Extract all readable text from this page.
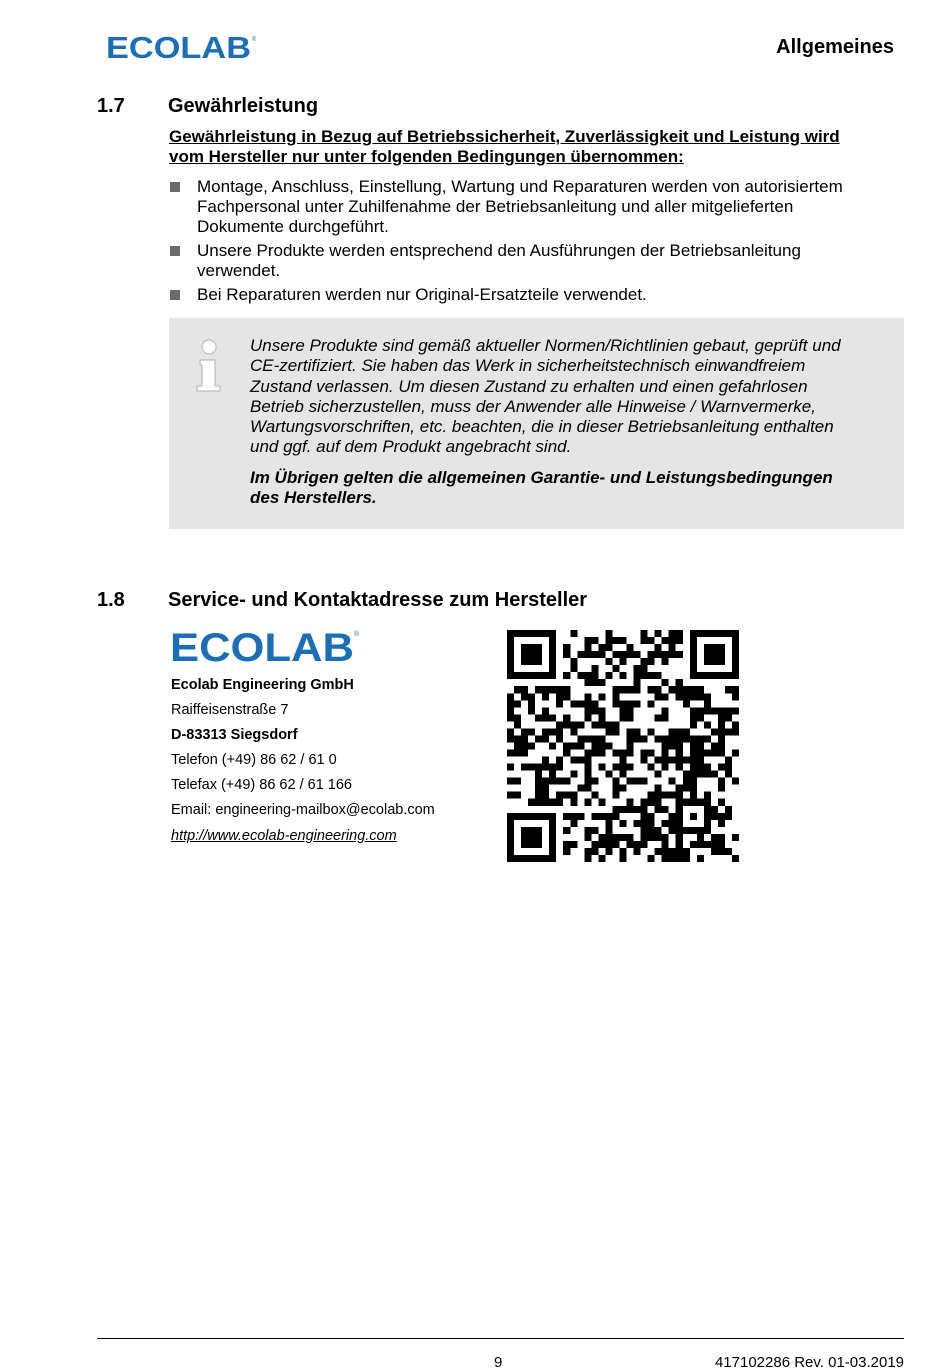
ECOLAB ®	Allgemeines
1.7 Gewährleistung
Gewährleistung in Bezug auf Betriebssicherheit, Zuverlässigkeit und Leistung wird
vom Hersteller nur unter folgenden Bedingungen übernommen:
Montage, Anschluss, Einstellung, Wartung und Reparaturen werden von autorisiertem
Fachpersonal unter Zuhilfenahme der Betriebsanleitung und aller mitgelieferten
Dokumente durchgeführt.
Unsere Produkte werden entsprechend den Ausführungen der Betriebsanleitung
verwendet.
Bei Reparaturen werden nur Original-Ersatzteile verwendet.
Unsere Produkte sind gemäß aktueller Normen/Richtlinien gebaut, geprüft und
CE-zertifiziert. Sie haben das Werk in sicherheitstechnisch einwandfreiem
Zustand verlassen. Um diesen Zustand zu erhalten und einen gefahrlosen
Betrieb sicherzustellen, muss der Anwender alle Hinweise / Warnvermerke,
Wartungsvorschriften, etc. beachten, die in dieser Betriebsanleitung enthalten
und ggf. auf dem Produkt angebracht sind.
Im Übrigen gelten die allgemeinen Garantie- und Leistungsbedingungen
des Herstellers.
1.8 Service- und Kontaktadresse zum Hersteller
ECOLAB ®
Ecolab Engineering GmbH
Raiffeisenstraße 7
D-83313 Siegsdorf
Telefon (+49) 86 62 / 61 0
Telefax (+49) 86 62 / 61 166
Email: engineering-mailbox@ecolab.com
http://www.ecolab-engineering.com
9	417102286 Rev. 01-03.2019
